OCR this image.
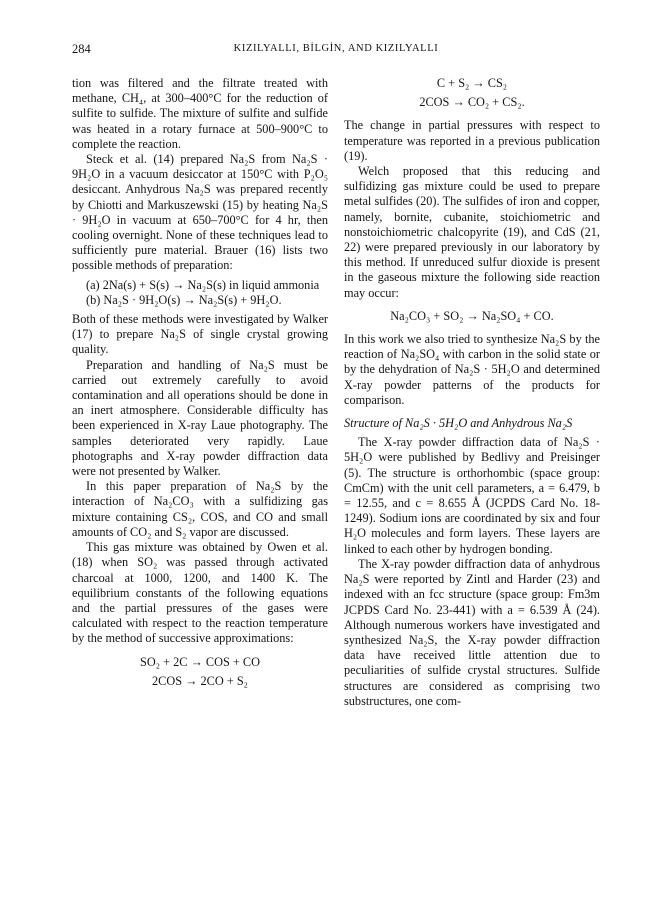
284	KIZILYALLI, BİLGİN, AND KIZILYALLI

tion was filtered and the filtrate treated with methane, CH₄, at 300–400°C for the reduction of sulfite to sulfide. The mixture of sulfite and sulfide was heated in a rotary furnace at 500–900°C to complete the reaction.

Steck et al. (14) prepared Na₂S from Na₂S · 9H₂O in a vacuum desiccator at 150°C with P₂O₅ desiccant. Anhydrous Na₂S was prepared recently by Chiotti and Markuszewski (15) by heating Na₂S · 9H₂O in vacuum at 650–700°C for 4 hr, then cooling overnight. None of these techniques lead to sufficiently pure material. Brauer (16) lists two possible methods of preparation:

(a) 2Na(s) + S(s) → Na₂S(s) in liquid ammonia
(b) Na₂S · 9H₂O(s) → Na₂S(s) + 9H₂O.

Both of these methods were investigated by Walker (17) to prepare Na₂S of single crystal growing quality.

Preparation and handling of Na₂S must be carried out extremely carefully to avoid contamination and all operations should be done in an inert atmosphere. Considerable difficulty has been experienced in X-ray Laue photography. The samples deteriorated very rapidly. Laue photographs and X-ray powder diffraction data were not presented by Walker.

In this paper preparation of Na₂S by the interaction of Na₂CO₃ with a sulfidizing gas mixture containing CS₂, COS, and CO and small amounts of CO₂ and S₂ vapor are discussed.

This gas mixture was obtained by Owen et al. (18) when SO₂ was passed through activated charcoal at 1000, 1200, and 1400 K. The equilibrium constants of the following equations and the partial pressures of the gases were calculated with respect to the reaction temperature by the method of successive approximations:

SO₂ + 2C → COS + CO

2COS → 2CO + S₂

C + S₂ → CS₂

2COS → CO₂ + CS₂.

The change in partial pressures with respect to temperature was reported in a previous publication (19).

Welch proposed that this reducing and sulfidizing gas mixture could be used to prepare metal sulfides (20). The sulfides of iron and copper, namely, bornite, cubanite, stoichiometric and nonstoichiometric chalcopyrite (19), and CdS (21, 22) were prepared previously in our laboratory by this method. If unreduced sulfur dioxide is present in the gaseous mixture the following side reaction may occur:

Na₂CO₃ + SO₂ → Na₂SO₄ + CO.

In this work we also tried to synthesize Na₂S by the reaction of Na₂SO₄ with carbon in the solid state or by the dehydration of Na₂S · 5H₂O and determined X-ray powder patterns of the products for comparison.

Structure of Na₂S · 5H₂O and Anhydrous Na₂S

The X-ray powder diffraction data of Na₂S · 5H₂O were published by Bedlivy and Preisinger (5). The structure is orthorhombic (space group: CmCm) with the unit cell parameters, a = 6.479, b = 12.55, and c = 8.655 Å (JCPDS Card No. 18-1249). Sodium ions are coordinated by six and four H₂O molecules and form layers. These layers are linked to each other by hydrogen bonding.

The X-ray powder diffraction data of anhydrous Na₂S were reported by Zintl and Harder (23) and indexed with an fcc structure (space group: Fm3m JCPDS Card No. 23-441) with a = 6.539 Å (24). Although numerous workers have investigated and synthesized Na₂S, the X-ray powder diffraction data have received little attention due to peculiarities of sulfide crystal structures. Sulfide structures are considered as comprising two substructures, one com-
